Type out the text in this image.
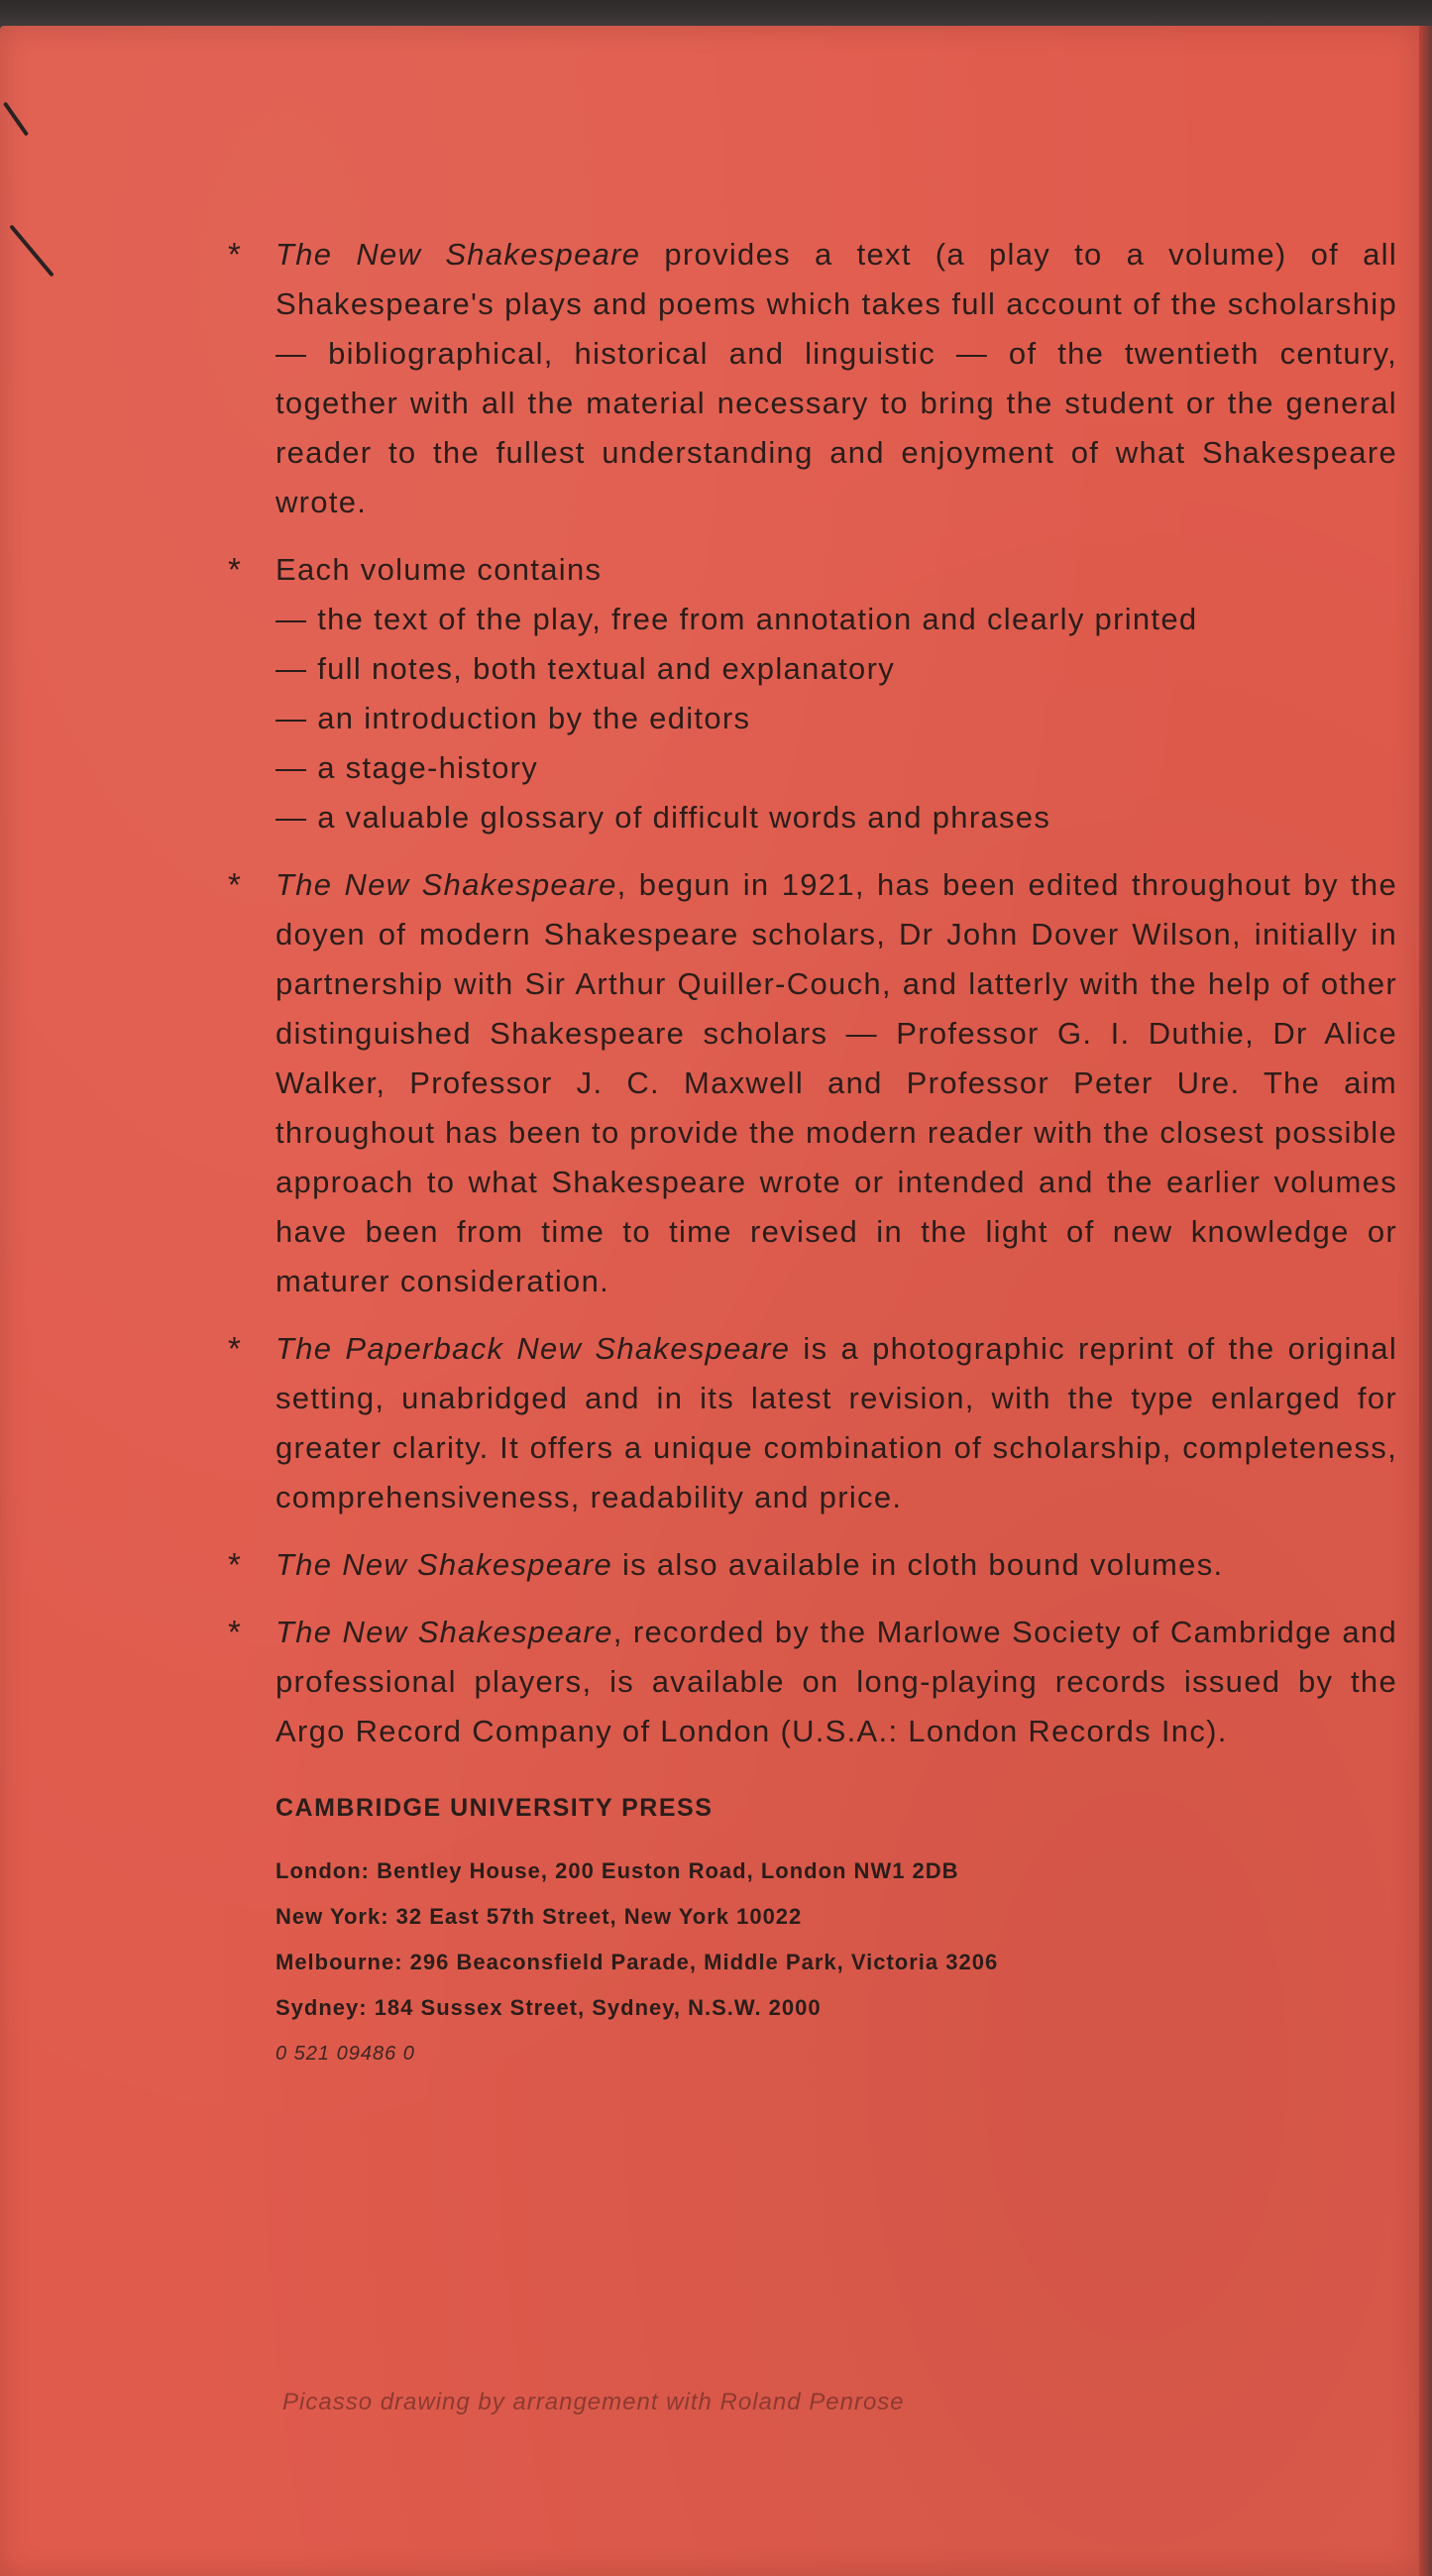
* The New Shakespeare provides a text (a play to a volume) of all Shakespeare's plays and poems which takes full account of the scholarship — bibliographical, historical and linguistic — of the twentieth century, together with all the material necessary to bring the student or the general reader to the fullest understanding and enjoyment of what Shakespeare wrote.
* Each volume contains
— the text of the play, free from annotation and clearly printed
— full notes, both textual and explanatory
— an introduction by the editors
— a stage-history
— a valuable glossary of difficult words and phrases
* The New Shakespeare, begun in 1921, has been edited throughout by the doyen of modern Shakespeare scholars, Dr John Dover Wilson, initially in partnership with Sir Arthur Quiller-Couch, and latterly with the help of other distinguished Shakespeare scholars — Professor G. I. Duthie, Dr Alice Walker, Professor J. C. Maxwell and Professor Peter Ure. The aim throughout has been to provide the modern reader with the closest possible approach to what Shakespeare wrote or intended and the earlier volumes have been from time to time revised in the light of new knowledge or maturer consideration.
* The Paperback New Shakespeare is a photographic reprint of the original setting, unabridged and in its latest revision, with the type enlarged for greater clarity. It offers a unique combination of scholarship, completeness, comprehensiveness, readability and price.
* The New Shakespeare is also available in cloth bound volumes.
* The New Shakespeare, recorded by the Marlowe Society of Cambridge and professional players, is available on long-playing records issued by the Argo Record Company of London (U.S.A.: London Records Inc).
CAMBRIDGE UNIVERSITY PRESS
London: Bentley House, 200 Euston Road, London NW1 2DB
New York: 32 East 57th Street, New York 10022
Melbourne: 296 Beaconsfield Parade, Middle Park, Victoria 3206
Sydney: 184 Sussex Street, Sydney, N.S.W. 2000
0 521 09486 0
Picasso drawing by arrangement with Roland Penrose
